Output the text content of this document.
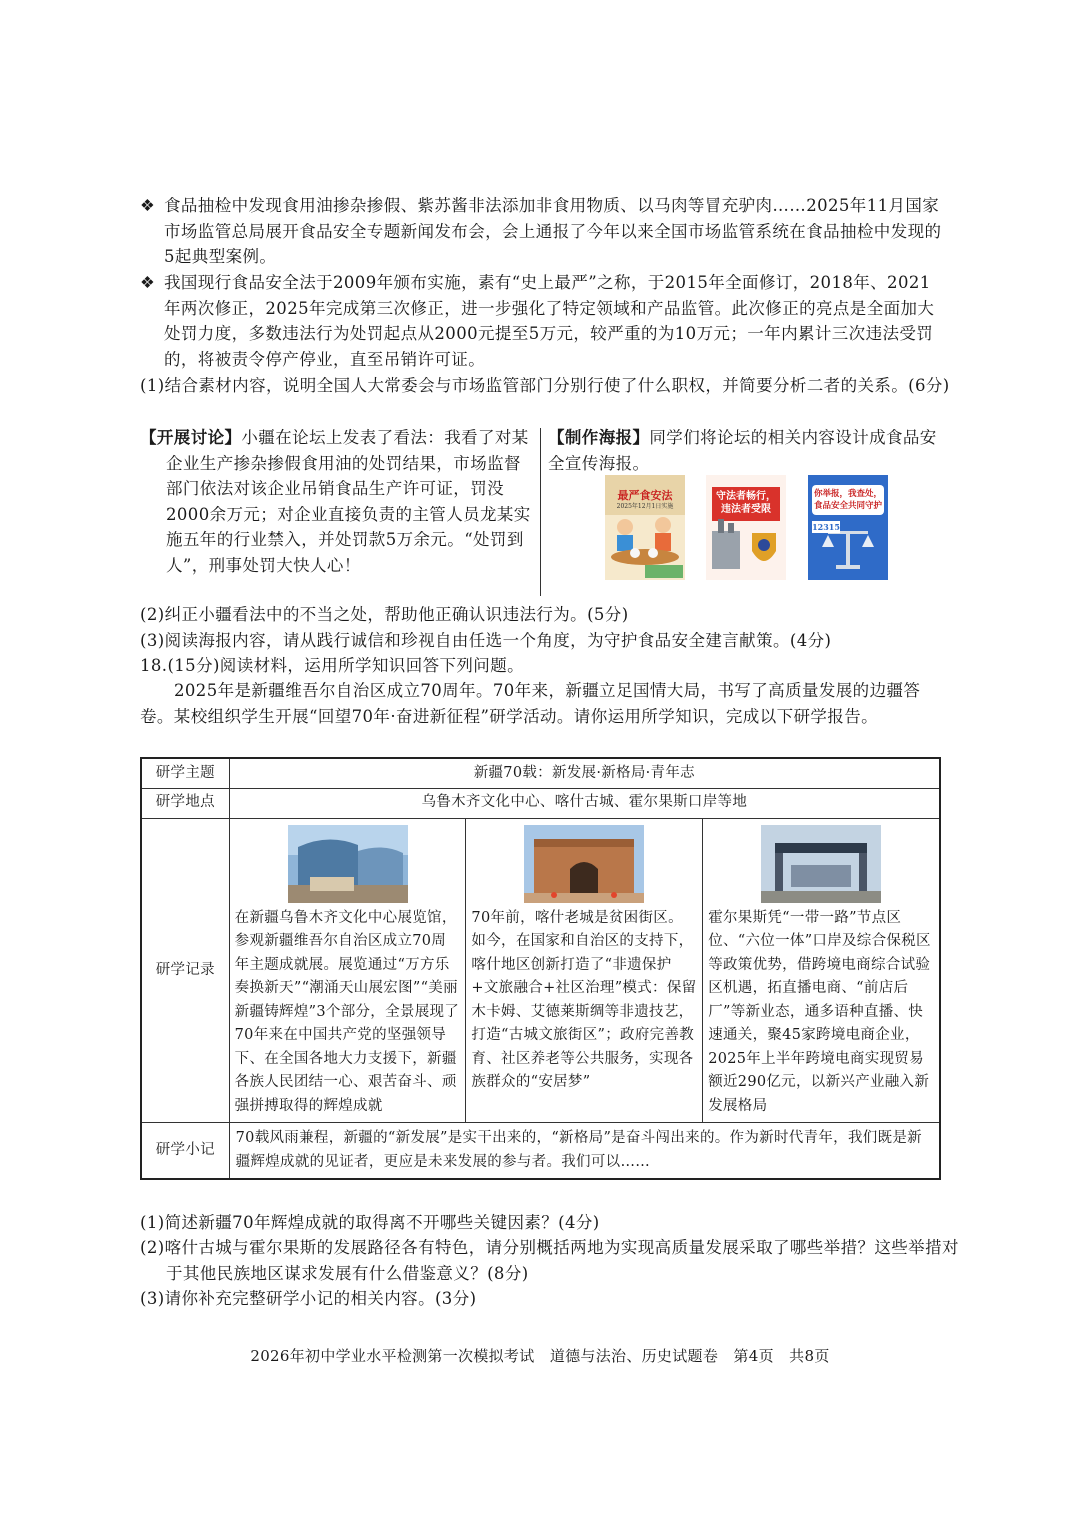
❖ 食品抽检中发现食用油掺杂掺假、紫苏酱非法添加非食用物质、以马肉等冒充驴肉……2025年11月国家市场监管总局展开食品安全专题新闻发布会，会上通报了今年以来全国市场监管系统在食品抽检中发现的5起典型案例。
❖ 我国现行食品安全法于2009年颁布实施，素有“史上最严”之称，于2015年全面修订，2018年、2021年两次修正，2025年完成第三次修正，进一步强化了特定领域和产品监管。此次修正的亮点是全面加大处罚力度，多数违法行为处罚起点从2000元提至5万元，较严重的为10万元；一年内累计三次违法受罚的，将被责令停产停业，直至吊销许可证。
(1)结合素材内容，说明全国人大常委会与市场监管部门分别行使了什么职权，并简要分析二者的关系。(6分)
【开展讨论】小疆在论坛上发表了看法：我看了对某企业生产掺杂掺假食用油的处罚结果，市场监督部门依法对该企业吊销食品生产许可证，罚没2000余万元；对企业直接负责的主管人员龙某实施五年的行业禁入，并处罚款5万余元。“处罚到人”，刑事处罚大快人心！
【制作海报】同学们将论坛的相关内容设计成食品安全宣传海报。
最严食安法
2025年12月1日实施
守法者畅行，违法者受限
你举报，我查处，食品安全共同守护
12315
(2)纠正小疆看法中的不当之处，帮助他正确认识违法行为。(5分)
(3)阅读海报内容，请从践行诚信和珍视自由任选一个角度，为守护食品安全建言献策。(4分)
18.(15分)阅读材料，运用所学知识回答下列问题。
2025年是新疆维吾尔自治区成立70周年。70年来，新疆立足国情大局，书写了高质量发展的边疆答卷。某校组织学生开展“回望70年·奋进新征程”研学活动。请你运用所学知识，完成以下研学报告。
研学主题	新疆70载：新发展·新格局·青年志		
研学地点	乌鲁木齐文化中心、喀什古城、霍尔果斯口岸等地		
研学记录	在新疆乌鲁木齐文化中心展览馆，参观新疆维吾尔自治区成立70周年主题成就展。展览通过“万方乐奏换新天”“潮涌天山展宏图”“美丽新疆铸辉煌”3个部分，全景展现了70年来在中国共产党的坚强领导下、在全国各地大力支援下，新疆各族人民团结一心、艰苦奋斗、顽强拼搏取得的辉煌成就	70年前，喀什老城是贫困街区。如今，在国家和自治区的支持下，喀什地区创新打造了“非遗保护+文旅融合+社区治理”模式：保留木卡姆、艾德莱斯绸等非遗技艺，打造“古城文旅街区”；政府完善教育、社区养老等公共服务，实现各族群众的“安居梦”	霍尔果斯凭“一带一路”节点区位、“六位一体”口岸及综合保税区等政策优势，借跨境电商综合试验区机遇，拓直播电商、“前店后厂”等新业态，通多语种直播、快速通关，聚45家跨境电商企业，2025年上半年跨境电商实现贸易额近290亿元，以新兴产业融入新发展格局

研学小记	70载风雨兼程，新疆的“新发展”是实干出来的，“新格局”是奋斗闯出来的。作为新时代青年，我们既是新疆辉煌成就的见证者，更应是未来发展的参与者。我们可以……		
(1)简述新疆70年辉煌成就的取得离不开哪些关键因素？(4分)
(2)喀什古城与霍尔果斯的发展路径各有特色，请分别概括两地为实现高质量发展采取了哪些举措？这些举措对于其他民族地区谋求发展有什么借鉴意义？(8分)
(3)请你补充完整研学小记的相关内容。(3分)
2026年初中学业水平检测第一次模拟考试　道德与法治、历史试题卷　第4页　共8页
